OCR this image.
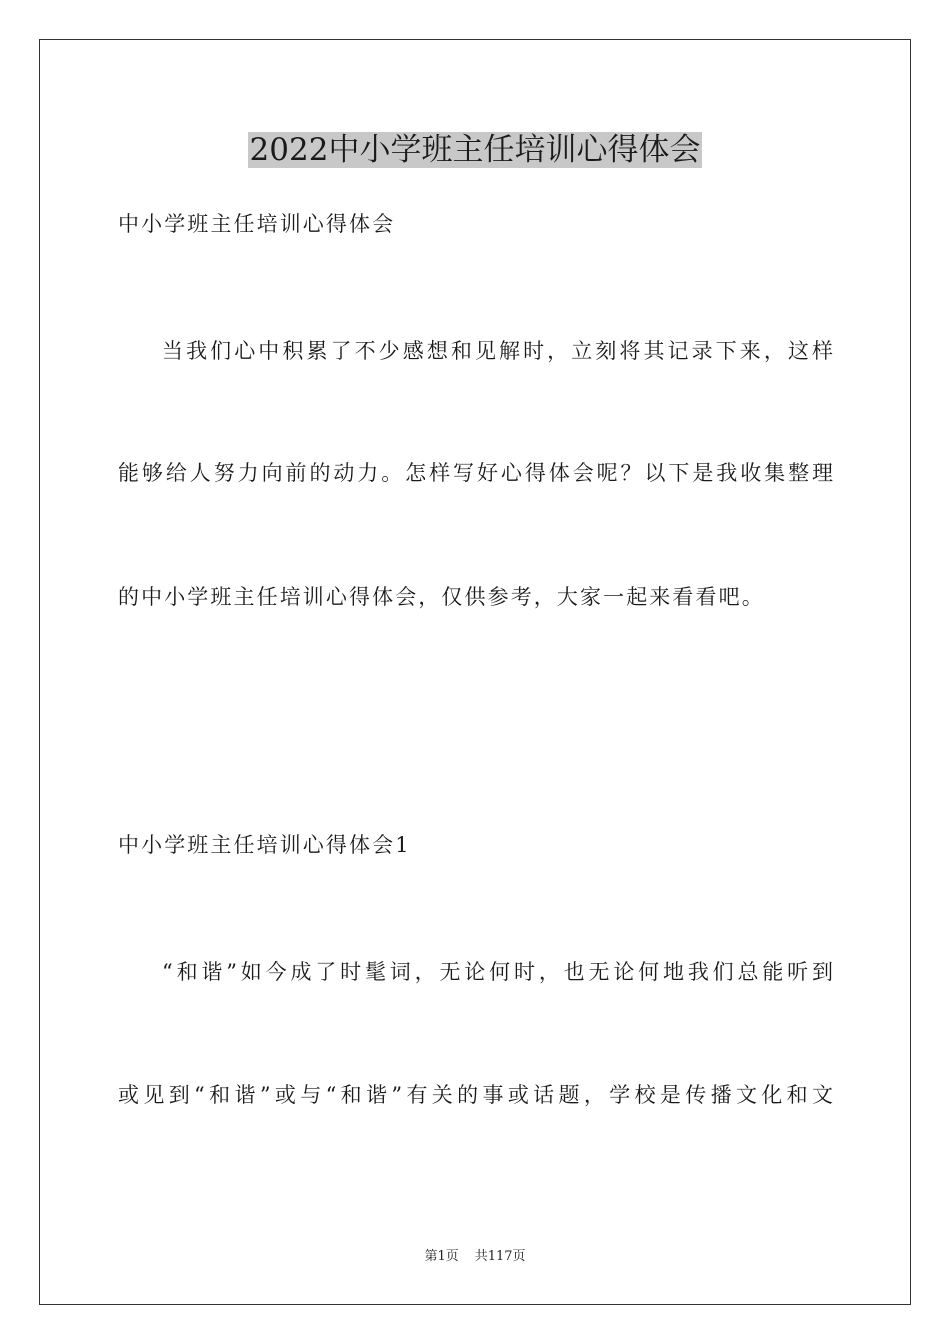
2022中小学班主任培训心得体会
中小学班主任培训心得体会
当我们心中积累了不少感想和见解时，立刻将其记录下来，这样
能够给人努力向前的动力。怎样写好心得体会呢？以下是我收集整理
的中小学班主任培训心得体会，仅供参考，大家一起来看看吧。
中小学班主任培训心得体会1
“和谐”如今成了时髦词，无论何时，也无论何地我们总能听到
或见到“和谐”或与“和谐”有关的事或话题，学校是传播文化和文
第1页 共117页
